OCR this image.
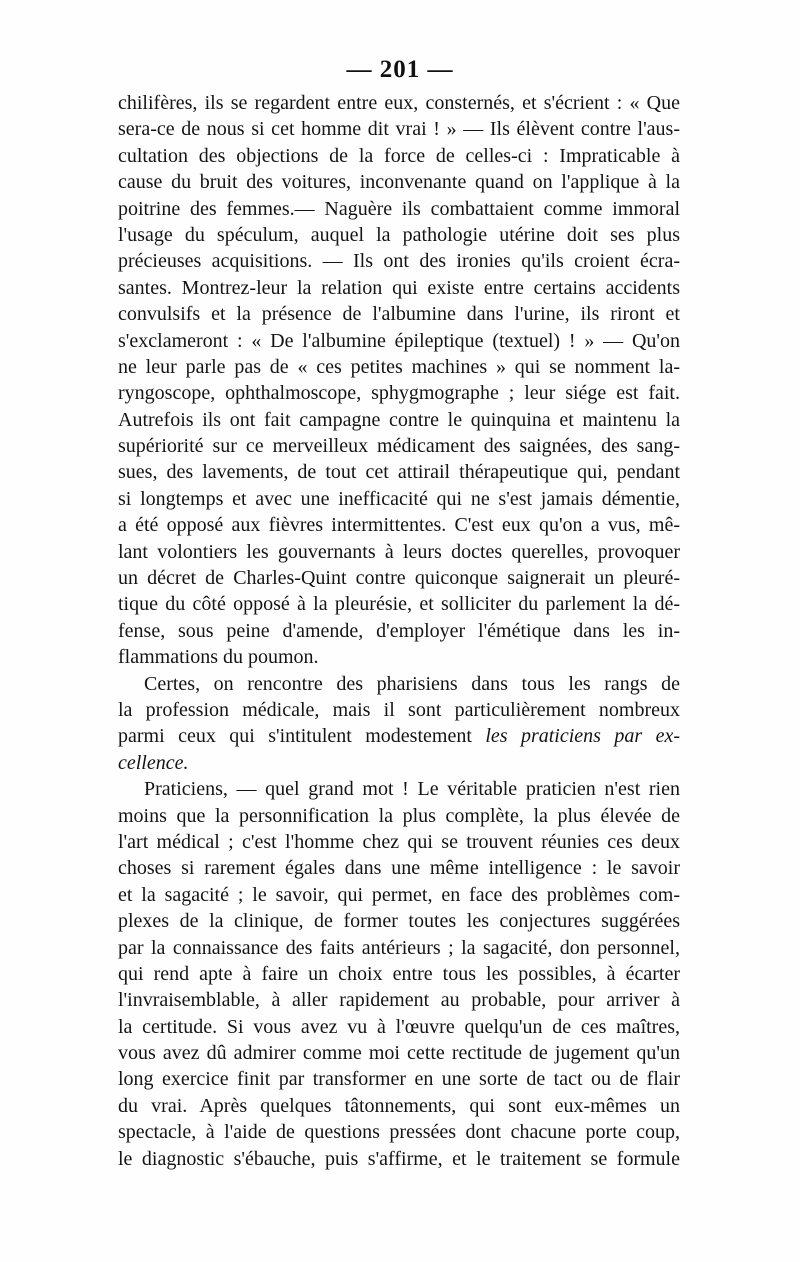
— 201 —
chilifères, ils se regardent entre eux, consternés, et s'écrient : « Que
sera-ce de nous si cet homme dit vrai ! » — Ils élèvent contre l'aus-
cultation des objections de la force de celles-ci : Impraticable à
cause du bruit des voitures, inconvenante quand on l'applique à la
poitrine des femmes.— Naguère ils combattaient comme immoral
l'usage du spéculum, auquel la pathologie utérine doit ses plus
précieuses acquisitions. — Ils ont des ironies qu'ils croient écra-
santes. Montrez-leur la relation qui existe entre certains accidents
convulsifs et la présence de l'albumine dans l'urine, ils riront et
s'exclameront : « De l'albumine épileptique (textuel) ! » — Qu'on
ne leur parle pas de « ces petites machines » qui se nomment la-
ryngoscope, ophthalmoscope, sphygmographe ; leur siége est fait.
Autrefois ils ont fait campagne contre le quinquina et maintenu la
supériorité sur ce merveilleux médicament des saignées, des sang-
sues, des lavements, de tout cet attirail thérapeutique qui, pendant
si longtemps et avec une inefficacité qui ne s'est jamais démentie,
a été opposé aux fièvres intermittentes. C'est eux qu'on a vus, mê-
lant volontiers les gouvernants à leurs doctes querelles, provoquer
un décret de Charles-Quint contre quiconque saignerait un pleuré-
tique du côté opposé à la pleurésie, et solliciter du parlement la dé-
fense, sous peine d'amende, d'employer l'émétique dans les in-
flammations du poumon.
Certes, on rencontre des pharisiens dans tous les rangs de
la profession médicale, mais il sont particulièrement nombreux
parmi ceux qui s'intitulent modestement les praticiens par ex-
cellence.
Praticiens, — quel grand mot ! Le véritable praticien n'est rien
moins que la personnification la plus complète, la plus élevée de
l'art médical ; c'est l'homme chez qui se trouvent réunies ces deux
choses si rarement égales dans une même intelligence : le savoir
et la sagacité ; le savoir, qui permet, en face des problèmes com-
plexes de la clinique, de former toutes les conjectures suggérées
par la connaissance des faits antérieurs ; la sagacité, don personnel,
qui rend apte à faire un choix entre tous les possibles, à écarter
l'invraisemblable, à aller rapidement au probable, pour arriver à
la certitude. Si vous avez vu à l'œuvre quelqu'un de ces maîtres,
vous avez dû admirer comme moi cette rectitude de jugement qu'un
long exercice finit par transformer en une sorte de tact ou de flair
du vrai. Après quelques tâtonnements, qui sont eux-mêmes un
spectacle, à l'aide de questions pressées dont chacune porte coup,
le diagnostic s'ébauche, puis s'affirme, et le traitement se formule
